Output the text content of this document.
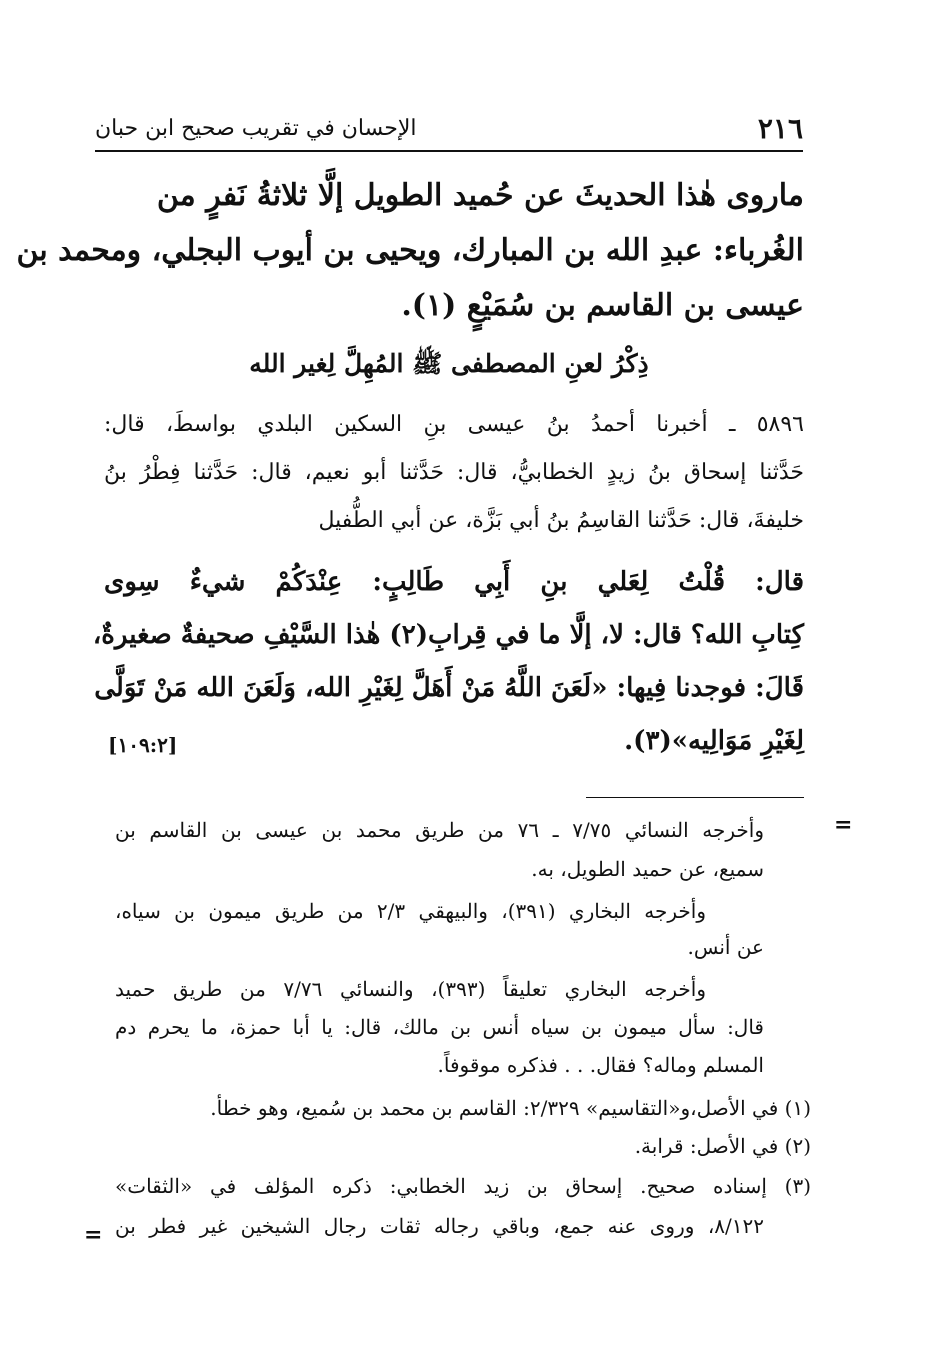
٢١٦
الإحسان في تقريب صحيح ابن حبان
ماروى هٰذا الحديثَ عن حُميد الطويل إلَّا ثلاثةُ نَفرٍ من
الغُرباء: عبدِ الله بن المبارك، ويحيى بن أيوب البجلي، ومحمد بن
عيسى بن القاسم بن سُمَيْعٍ (١).
ذِكْرُ لعنِ المصطفى ﷺ المُهِلَّ لِغير الله
٥٨٩٦ ـ أخبرنا أحمدُ بنُ عيسى بنِ السكين البلدي بواسطَ، قال:
حَدَّثنا إسحاق بنُ زيدٍ الخطابيُّ، قال: حَدَّثنا أبو نعيم، قال: حَدَّثنا فِطْرُ بنُ
خليفةَ، قال: حَدَّثنا القاسِمُ بنُ أبي بَزَّة، عن أبي الطُّفيل
قال: قُلْتُ لِعَلي بنِ أَبِي طَالِبٍ: عِنْدَكُمْ شيءٌ سِوى
كِتابِ الله؟ قال: لا، إلَّا ما في قِرابِ(٢) هٰذا السَّيْفِ صحيفةٌ صغيرةٌ،
قَالَ: فوجدنا فِيها: «لَعَنَ اللَّهُ مَنْ أَهَلَّ لِغَيْرِ الله، وَلَعَنَ الله مَنْ تَوَلَّى
لِغَيْرِ مَوَالِيه»(٣).
[١٠٩:٢]
=
وأخرجه النسائي ٧/٧٥ ـ ٧٦ من طريق محمد بن عيسى بن القاسم بن
سميع، عن حميد الطويل، به.
وأخرجه البخاري (٣٩١)، والبيهقي ٢/٣ من طريق ميمون بن سياه،
عن أنس.
وأخرجه البخاري تعليقاً (٣٩٣)، والنسائي ٧/٧٦ من طريق حميد
قال: سأل ميمون بن سياه أنس بن مالك، قال: يا أبا حمزة، ما يحرم دم
المسلم وماله؟ فقال. . . فذكره موقوفاً.
(١) في الأصل،و«التقاسيم» ٢/٣٢٩: القاسم بن محمد بن سُميع، وهو خطأ.
(٢) في الأصل: قرابة.
(٣) إسناده صحيح. إسحاق بن زيد الخطابي: ذكره المؤلف في «الثقات»
٨/١٢٢، وروى عنه جمع، وباقي رجاله ثقات رجال الشيخين غير فطر بن
=
